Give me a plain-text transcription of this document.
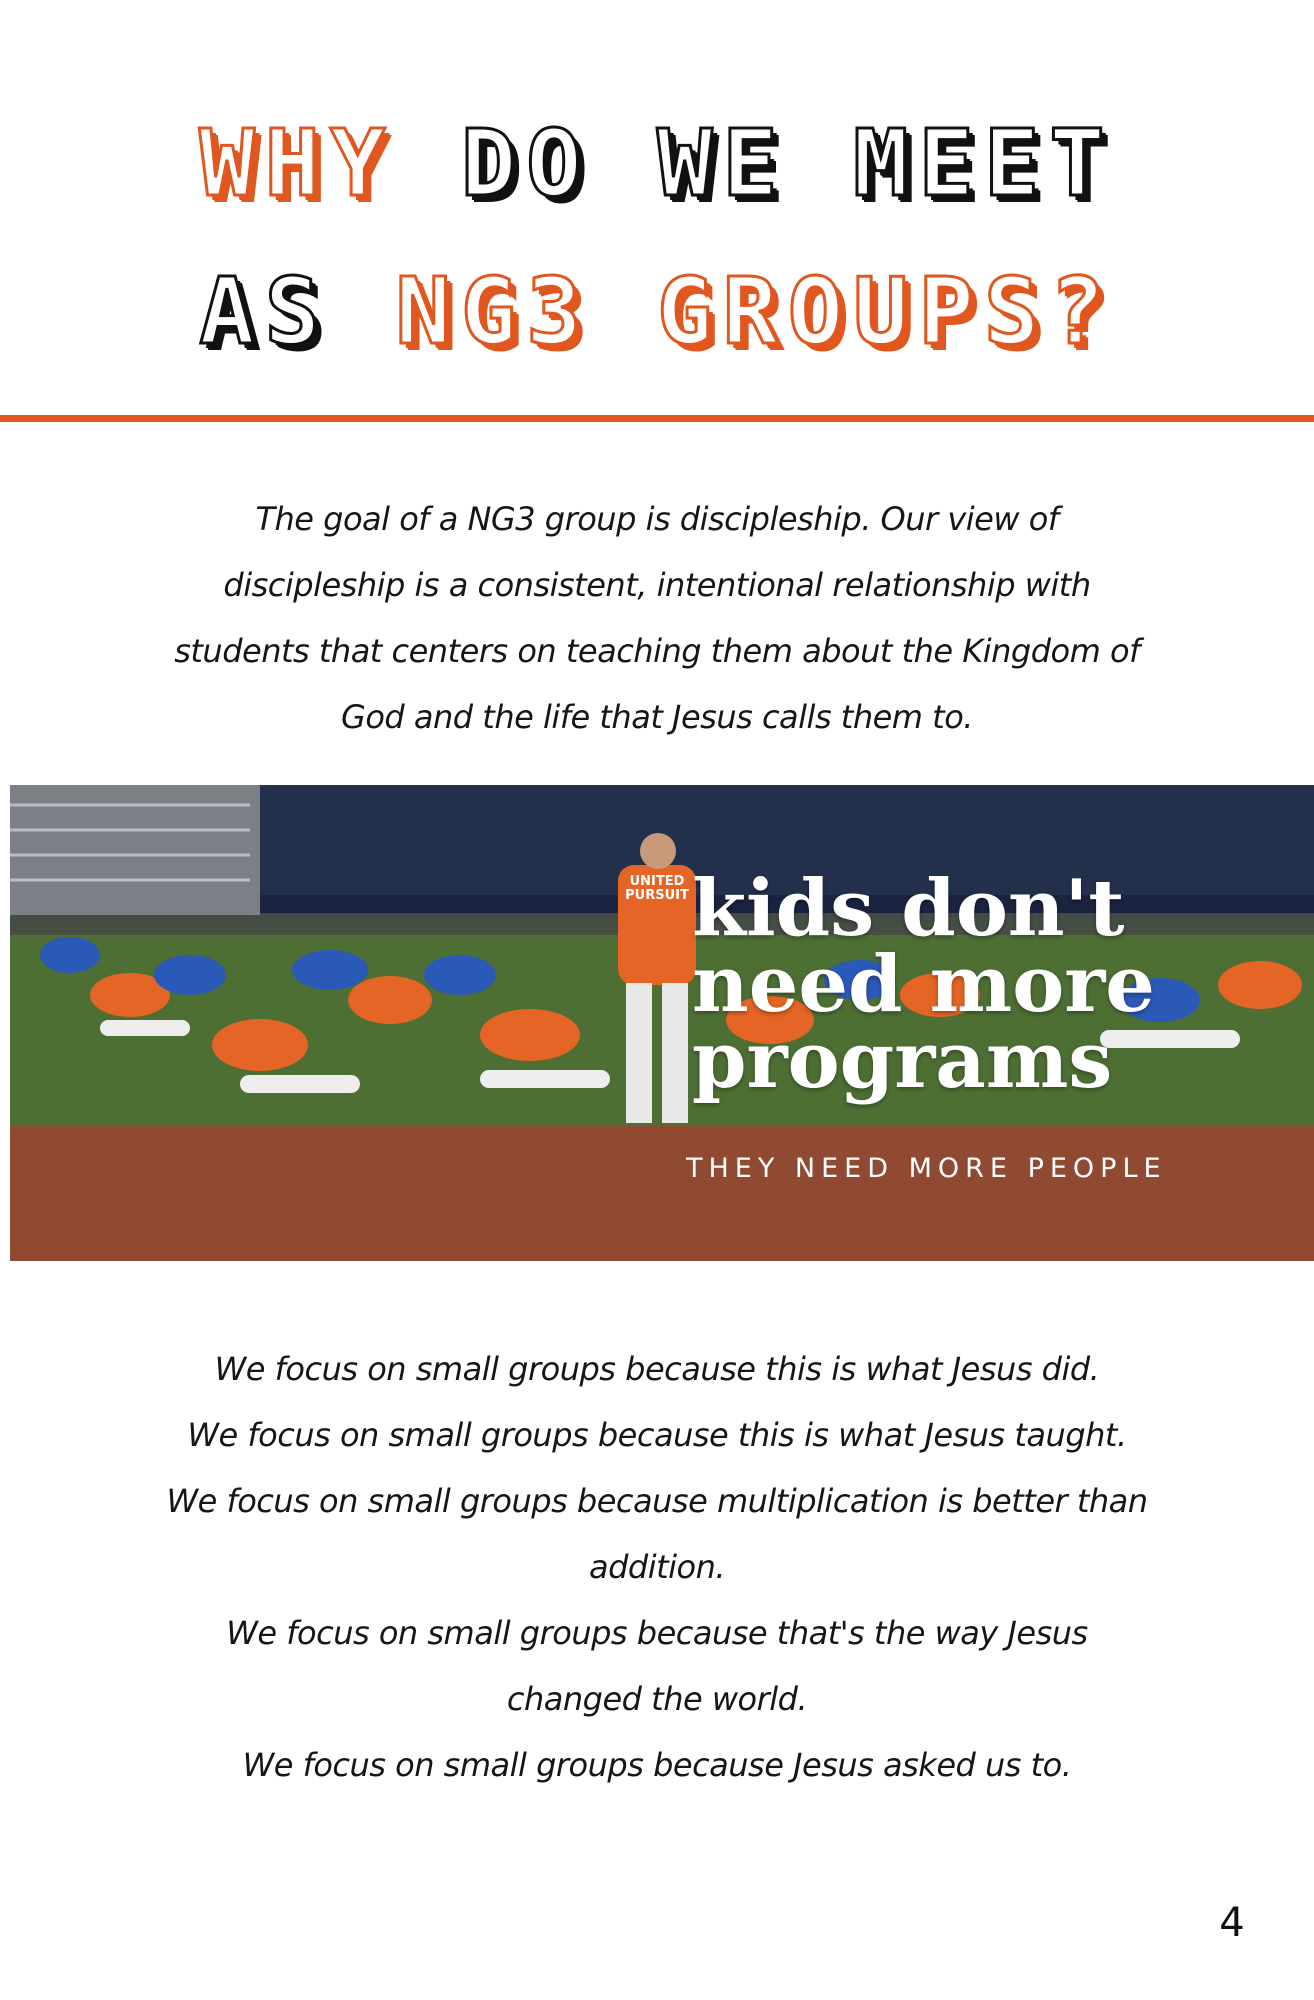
WHY DO WE MEET
AS NG3 GROUPS?
The goal of a NG3 group is discipleship. Our view of discipleship is a consistent, intentional relationship with students that centers on teaching them about the Kingdom of God and the life that Jesus calls them to.
kids don't
need more
programs
THEY NEED MORE PEOPLE
UNITED
PURSUIT
We focus on small groups because this is what Jesus did.
We focus on small groups because this is what Jesus taught.
We focus on small groups because multiplication is better than addition.
We focus on small groups because that's the way Jesus changed the world.
We focus on small groups because Jesus asked us to.
4
